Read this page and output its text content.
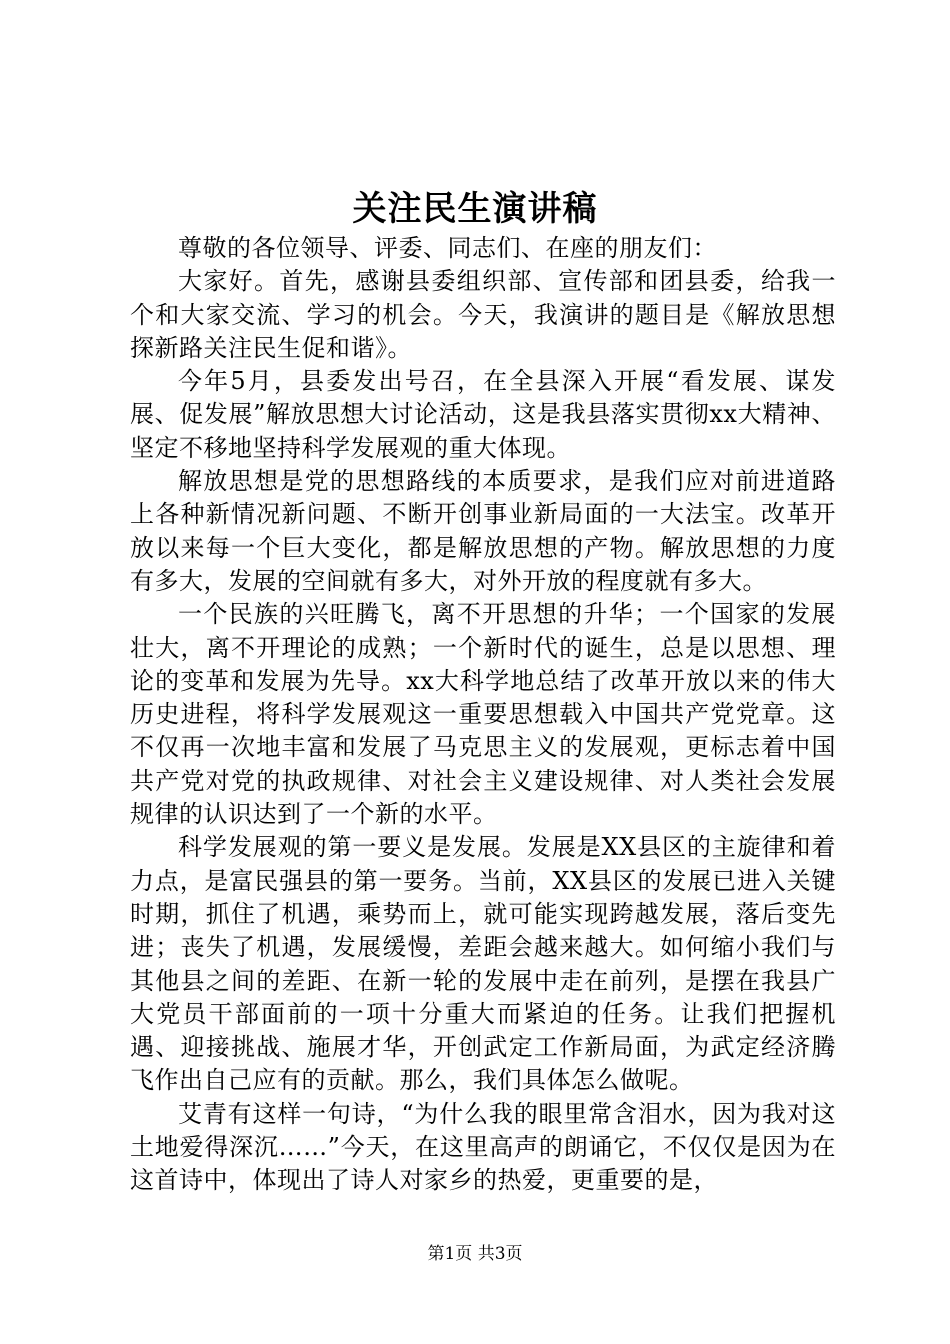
关注民生演讲稿

尊敬的各位领导、评委、同志们、在座的朋友们：

大家好。首先，感谢县委组织部、宣传部和团县委，给我一个和大家交流、学习的机会。今天，我演讲的题目是《解放思想探新路关注民生促和谐》。

今年5月，县委发出号召，在全县深入开展“看发展、谋发展、促发展”解放思想大讨论活动，这是我县落实贯彻xx大精神、坚定不移地坚持科学发展观的重大体现。

解放思想是党的思想路线的本质要求，是我们应对前进道路上各种新情况新问题、不断开创事业新局面的一大法宝。改革开放以来每一个巨大变化，都是解放思想的产物。解放思想的力度有多大，发展的空间就有多大，对外开放的程度就有多大。

一个民族的兴旺腾飞，离不开思想的升华；一个国家的发展壮大，离不开理论的成熟；一个新时代的诞生，总是以思想、理论的变革和发展为先导。xx大科学地总结了改革开放以来的伟大历史进程，将科学发展观这一重要思想载入中国共产党党章。这不仅再一次地丰富和发展了马克思主义的发展观，更标志着中国共产党对党的执政规律、对社会主义建设规律、对人类社会发展规律的认识达到了一个新的水平。

科学发展观的第一要义是发展。发展是XX县区的主旋律和着力点，是富民强县的第一要务。当前，XX县区的发展已进入关键时期，抓住了机遇，乘势而上，就可能实现跨越发展，落后变先进；丧失了机遇，发展缓慢，差距会越来越大。如何缩小我们与其他县之间的差距、在新一轮的发展中走在前列，是摆在我县广大党员干部面前的一项十分重大而紧迫的任务。让我们把握机遇、迎接挑战、施展才华，开创武定工作新局面，为武定经济腾飞作出自己应有的贡献。那么，我们具体怎么做呢。

艾青有这样一句诗，“为什么我的眼里常含泪水，因为我对这土地爱得深沉……”今天，在这里高声的朗诵它，不仅仅是因为在这首诗中，体现出了诗人对家乡的热爱，更重要的是，

第1页 共3页
